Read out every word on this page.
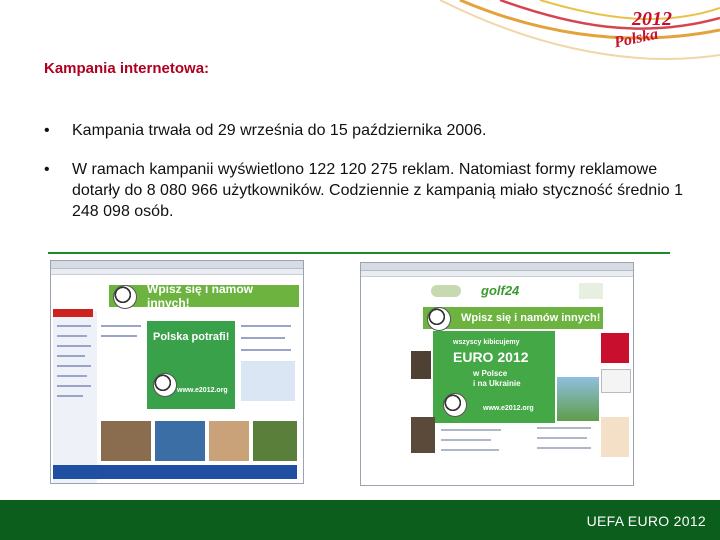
2012
Polska
Kampania internetowa:
• Kampania trwała od 29 września do 15 października 2006.
• W ramach kampanii wyświetlono 122 120 275 reklam. Natomiast formy reklamowe dotarły do 8 080 966 użytkowników. Codziennie z kampanią miało styczność średnio 1 248 098 osób.
Wpisz się i namow innych!
Polska potrafi!
www.e2012.org
golf24
Wpisz się i namów innych!
wszyscy kibicujemy
EURO 2012
w Polsce
i na Ukrainie
www.e2012.org
UEFA EURO 2012
